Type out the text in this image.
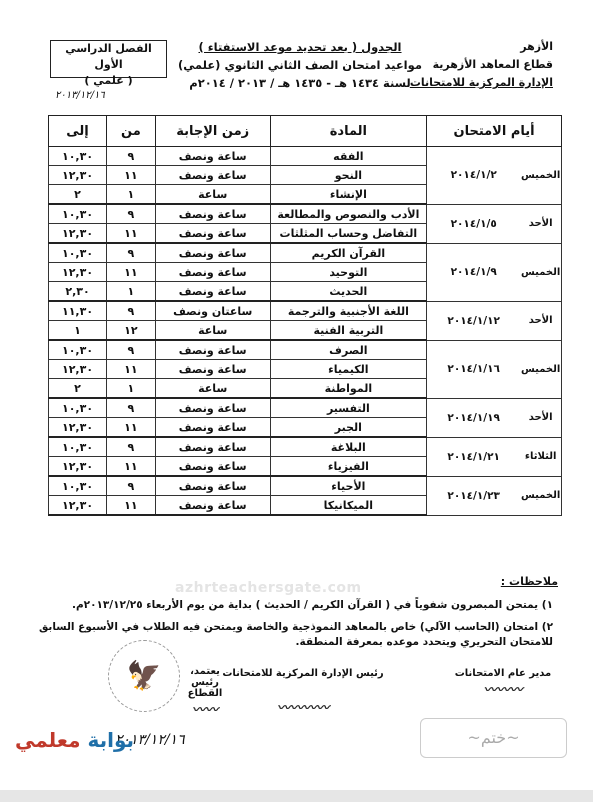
الأزهر
قطاع المعاهد الأزهرية
الإدارة المركزية للامتحانات
الجدول ( بعد تحديد موعد الاستفتاء )
مواعيد امتحان الصف الثاني الثانوي (علمي)
لسنة ١٤٣٤ هـ - ١٤٣٥ هـ / ٢٠١٣ / ٢٠١٤م
الفصل الدراسي الأول
( علمي )
٢٠١٣/١٢/١٦
أيام الامتحان		المادة	زمن الإجابة	من	إلى
الخميس	٢٠١٤/١/٢	الفقه	ساعة ونصف	٩	١٠,٣٠
		النحو	ساعة ونصف	١١	١٢,٣٠
		الإنشاء	ساعة	١	٢
الأحد	٢٠١٤/١/٥	الأدب والنصوص والمطالعة	ساعة ونصف	٩	١٠,٣٠
		التفاضل وحساب المثلثات	ساعة ونصف	١١	١٢,٣٠
الخميس	٢٠١٤/١/٩	القرآن الكريم	ساعة ونصف	٩	١٠,٣٠
		التوحيد	ساعة ونصف	١١	١٢,٣٠
		الحديث	ساعة ونصف	١	٢,٣٠
الأحد	٢٠١٤/١/١٢	اللغة الأجنبية والترجمة	ساعتان ونصف	٩	١١,٣٠
		التربية الفنية	ساعة	١٢	١
الخميس	٢٠١٤/١/١٦	الصرف	ساعة ونصف	٩	١٠,٣٠
		الكيمياء	ساعة ونصف	١١	١٢,٣٠
		المواطنة	ساعة	١	٢
الأحد	٢٠١٤/١/١٩	التفسير	ساعة ونصف	٩	١٠,٣٠
		الجبر	ساعة ونصف	١١	١٢,٣٠
الثلاثاء	٢٠١٤/١/٢١	البلاغة	ساعة ونصف	٩	١٠,٣٠
		الفيزياء	ساعة ونصف	١١	١٢,٣٠
الخميس	٢٠١٤/١/٢٣	الأحياء	ساعة ونصف	٩	١٠,٣٠
		الميكانيكا	ساعة ونصف	١١	١٢,٣٠
azhrteachersgate.com	ملاحظات :
١) يمتحن المبصرون شفوياً في ( القرآن الكريم / الحديث ) بداية من يوم الأربعاء ٢٠١٣/١٢/٢٥م.
٢) امتحان (الحاسب الآلي) خاص بالمعاهد النموذجية والخاصة ويمتحن فيه الطلاب في الأسبوع السابق للامتحان التحريري ويتحدد موعده بمعرفة المنطقة.
مدير عام الامتحانات
〰〰〰
رئيس الإدارة المركزية للامتحانات
〰〰〰〰
يعتمد،
رئيس القطاع
〰〰
🦅
٢٠١٣/١٢/١٦	~ختم~
بوابة معلمي
